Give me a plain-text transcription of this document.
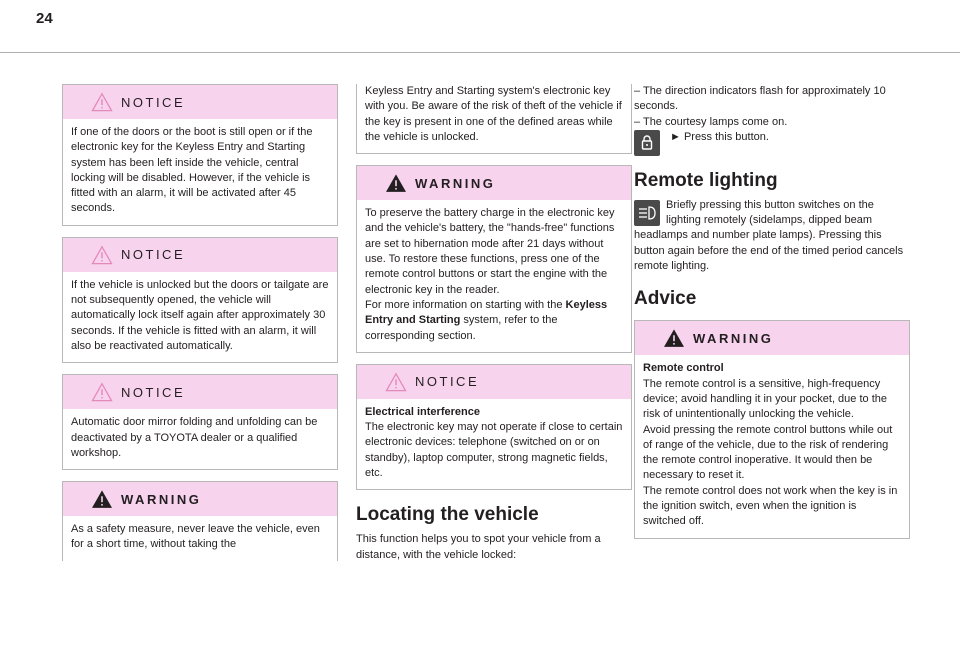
24
NOTICE

If one of the doors or the boot is still open or if the electronic key for the Keyless Entry and Starting system has been left inside the vehicle, central locking will be disabled. However, if the vehicle is fitted with an alarm, it will be activated after 45 seconds.

NOTICE

If the vehicle is unlocked but the doors or tailgate are not subsequently opened, the vehicle will automatically lock itself again after approximately 30 seconds. If the vehicle is fitted with an alarm, it will also be reactivated automatically.

NOTICE

Automatic door mirror folding and unfolding can be deactivated by a TOYOTA dealer or a qualified workshop.

WARNING

As a safety measure, never leave the vehicle, even for a short time, without taking the

Keyless Entry and Starting system's electronic key with you. Be aware of the risk of theft of the vehicle if the key is present in one of the defined areas while the vehicle is unlocked.

WARNING

To preserve the battery charge in the electronic key and the vehicle's battery, the "hands-free" functions are set to hibernation mode after 21 days without use. To restore these functions, press one of the remote control buttons or start the engine with the electronic key in the reader.

For more information on starting with the Keyless Entry and Starting system, refer to the corresponding section.

NOTICE

Electrical interference

The electronic key may not operate if close to certain electronic devices: telephone (switched on or on standby), laptop computer, strong magnetic fields, etc.

Locating the vehicle

This function helps you to spot your vehicle from a distance, with the vehicle locked:

– The direction indicators flash for approximately 10 seconds.

– The courtesy lamps come on.

► Press this button.
Remote lighting

Briefly pressing this button switches on the lighting remotely (sidelamps, dipped beam headlamps and number plate lamps). Pressing this button again before the end of the timed period cancels remote lighting.

Advice
WARNING

Remote control

The remote control is a sensitive, high-frequency device; avoid handling it in your pocket, due to the risk of unintentionally unlocking the vehicle.

Avoid pressing the remote control buttons while out of range of the vehicle, due to the risk of rendering the remote control inoperative. It would then be necessary to reset it.

The remote control does not work when the key is in the ignition switch, even when the ignition is switched off.
